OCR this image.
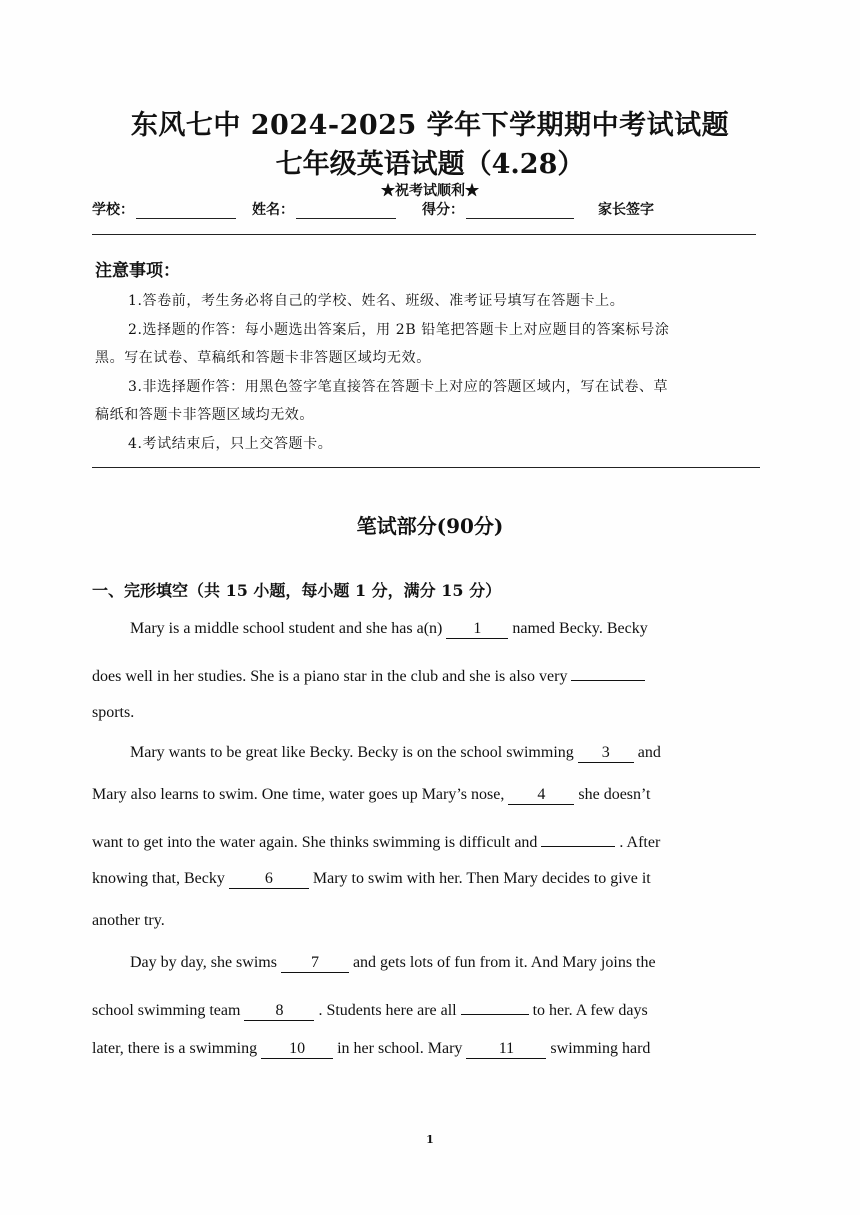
东风七中 2024-2025 学年下学期期中考试试题
七年级英语试题（4.28）
★祝考试顺利★
学校：	姓名：	得分：	家长签字
注意事项：
1.答卷前，考生务必将自己的学校、姓名、班级、准考证号填写在答题卡上。
2.选择题的作答：每小题选出答案后，用 2B 铅笔把答题卡上对应题目的答案标号涂
黑。写在试卷、草稿纸和答题卡非答题区域均无效。
3.非选择题作答：用黑色签字笔直接答在答题卡上对应的答题区域内，写在试卷、草
稿纸和答题卡非答题区域均无效。
4.考试结束后，只上交答题卡。
笔试部分(90分)
一、完形填空（共 15 小题，每小题 1 分，满分 15 分）
Mary is a middle school student and she has a(n) 1 named Becky. Becky
does well in her studies. She is a piano star in the club and she is also very
sports.
Mary wants to be great like Becky. Becky is on the school swimming 3 and
Mary also learns to swim. One time, water goes up Mary’s nose, 4 she doesn’t
want to get into the water again. She thinks swimming is difficult and	. After
knowing that, Becky	6	Mary to swim with her. Then Mary decides to give it
another try.
Day by day, she swims 7 and gets lots of fun from it. And Mary joins the
school swimming team 8 . Students here are all	to her. A few days
later, there is a swimming 10 in her school. Mary 11 swimming hard
1
